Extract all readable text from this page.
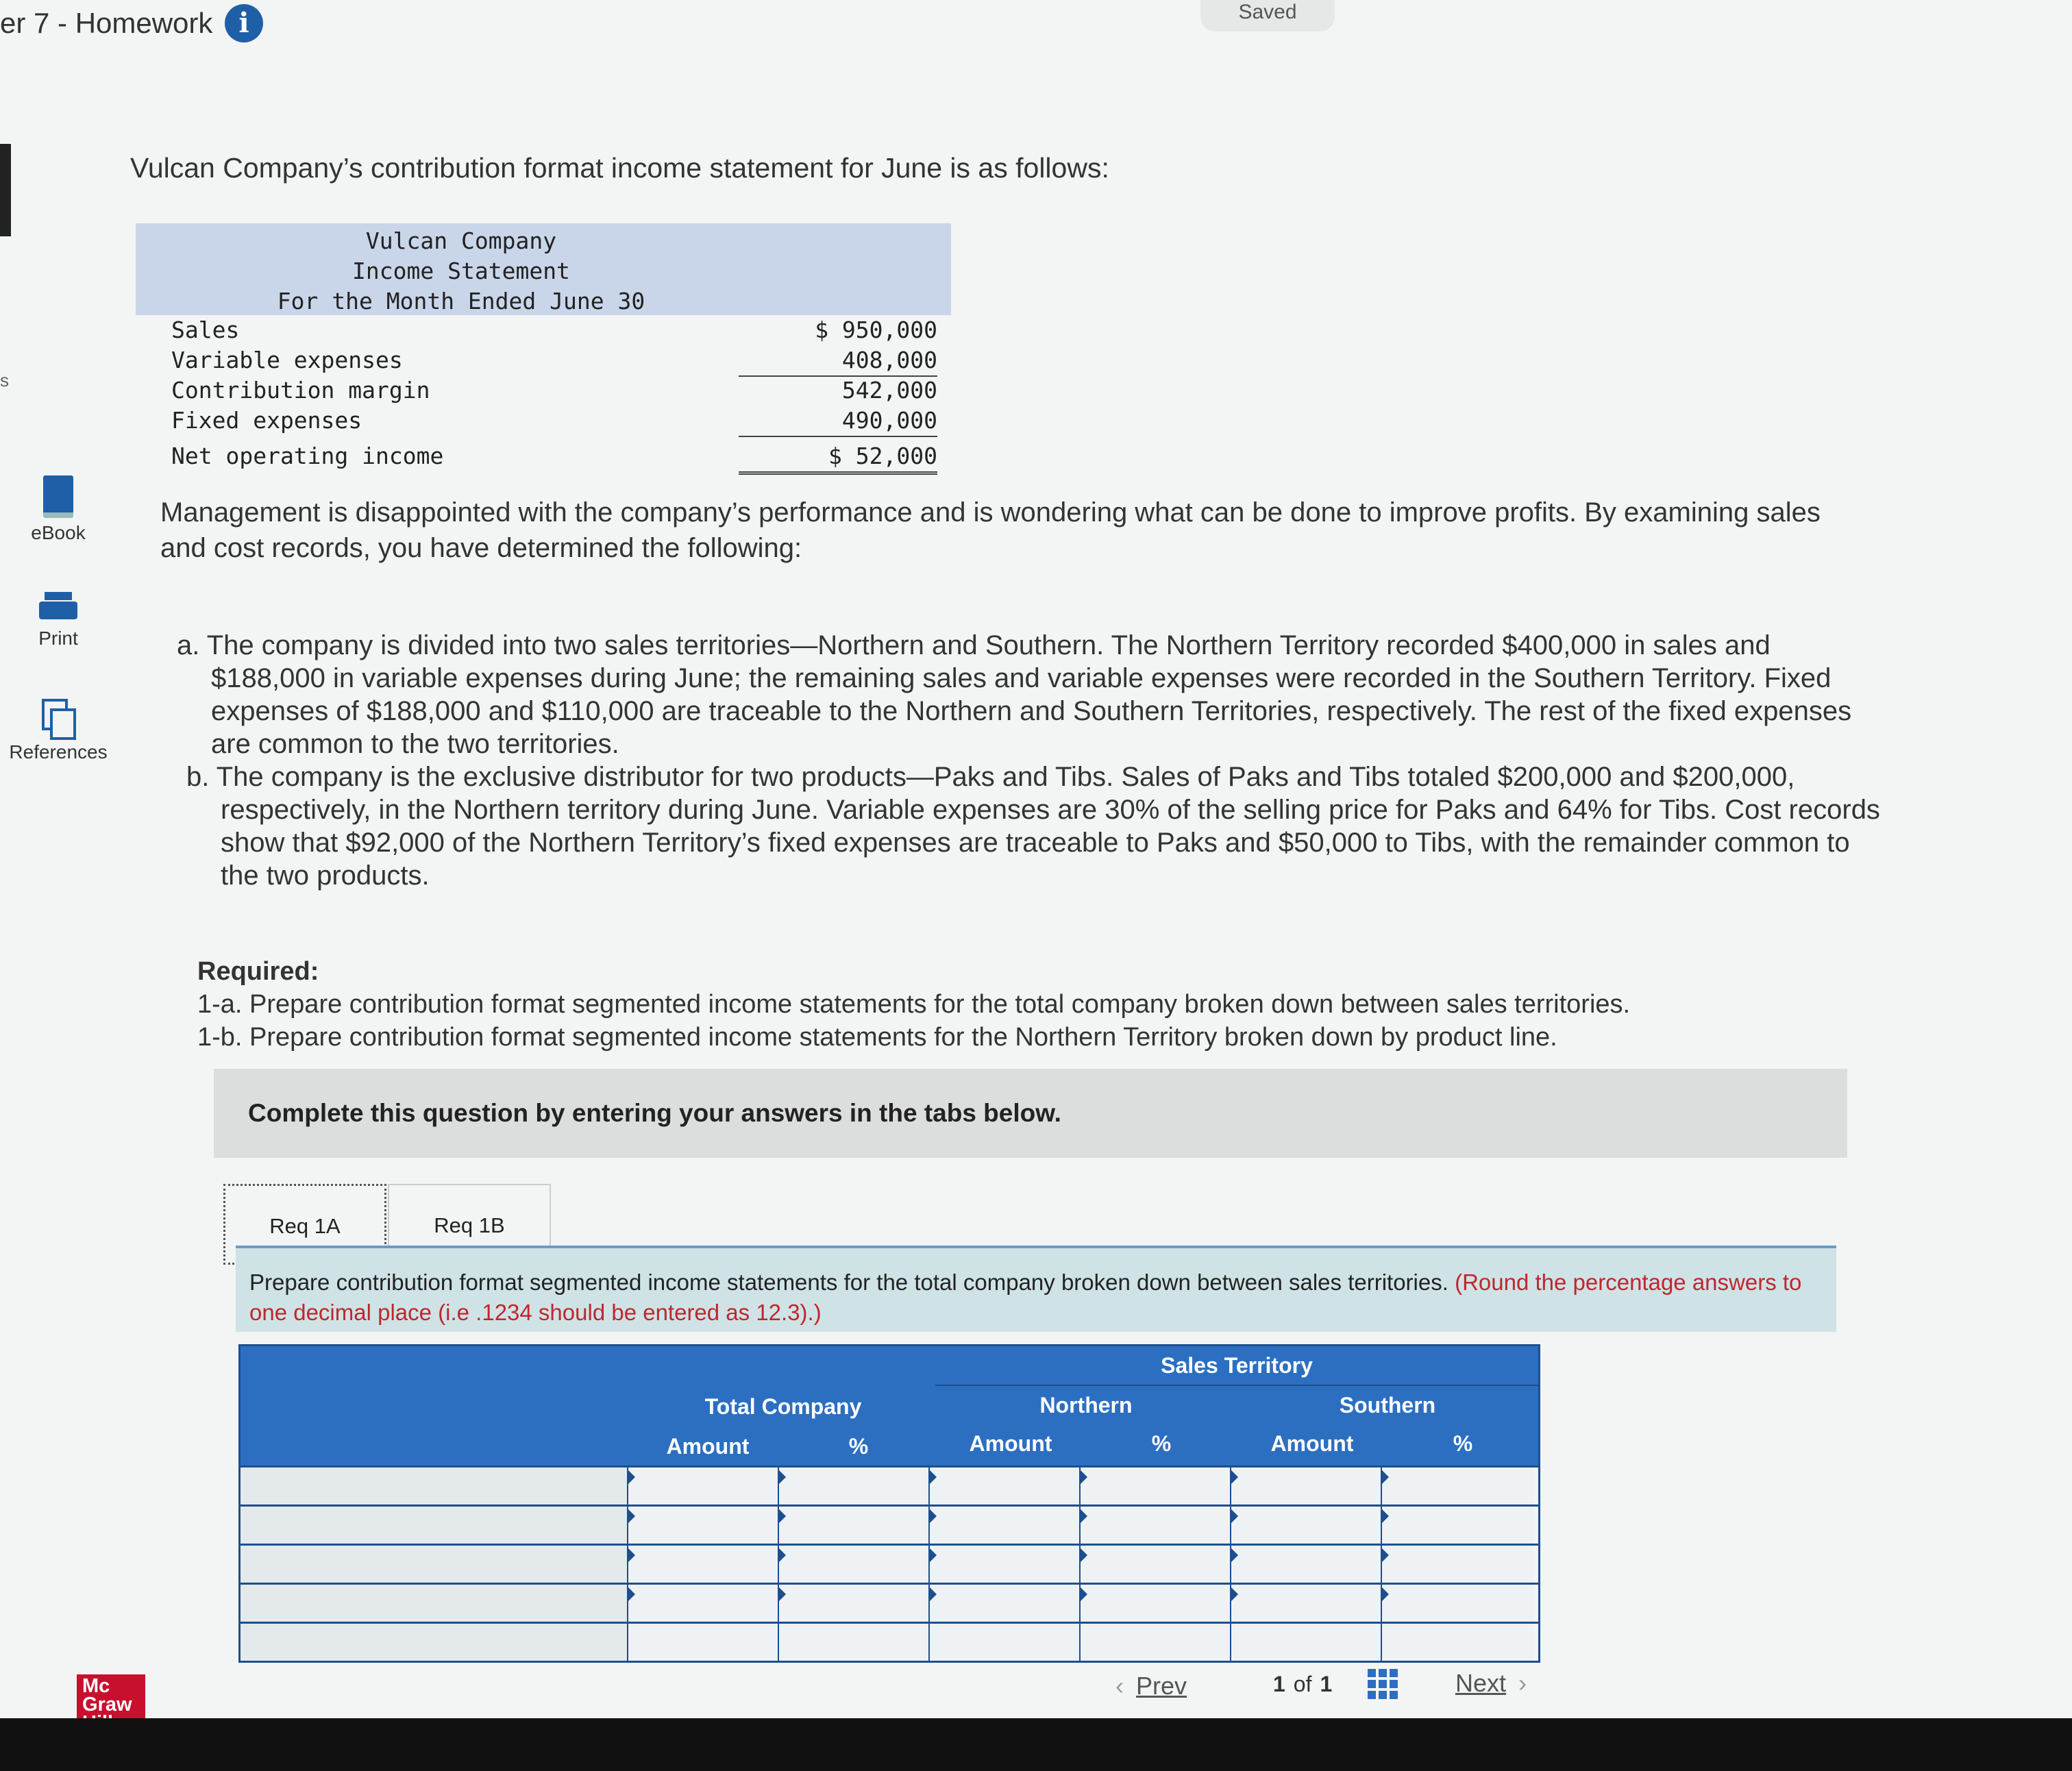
er 7 - Homework i	Saved
s
eBook
Print
References
Vulcan Company’s contribution format income statement for June is as follows:
Vulcan Company
Income Statement
For the Month Ended June 30
Sales	$ 950,000
Variable expenses	408,000
Contribution margin	542,000
Fixed expenses	490,000
Net operating income	$ 52,000
Management is disappointed with the company’s performance and is wondering what can be done to improve profits. By examining sales and cost records, you have determined the following:
a. The company is divided into two sales territories—Northern and Southern. The Northern Territory recorded $400,000 in sales and $188,000 in variable expenses during June; the remaining sales and variable expenses were recorded in the Southern Territory. Fixed expenses of $188,000 and $110,000 are traceable to the Northern and Southern Territories, respectively. The rest of the fixed expenses are common to the two territories.
b. The company is the exclusive distributor for two products—Paks and Tibs. Sales of Paks and Tibs totaled $200,000 and $200,000, respectively, in the Northern territory during June. Variable expenses are 30% of the selling price for Paks and 64% for Tibs. Cost records show that $92,000 of the Northern Territory’s fixed expenses are traceable to Paks and $50,000 to Tibs, with the remainder common to the two products.
Required:
1-a. Prepare contribution format segmented income statements for the total company broken down between sales territories.
1-b. Prepare contribution format segmented income statements for the Northern Territory broken down by product line.
Complete this question by entering your answers in the tabs below.
Req 1A	Req 1B
Prepare contribution format segmented income statements for the total company broken down between sales territories. (Round the percentage answers to one decimal place (i.e .1234 should be entered as 12.3).)
Sales Territory
Total Company	Northern	Southern
Amount	%	Amount	%	Amount	%
Mc
Graw
‹ Prev	1 of 1	Next ›
